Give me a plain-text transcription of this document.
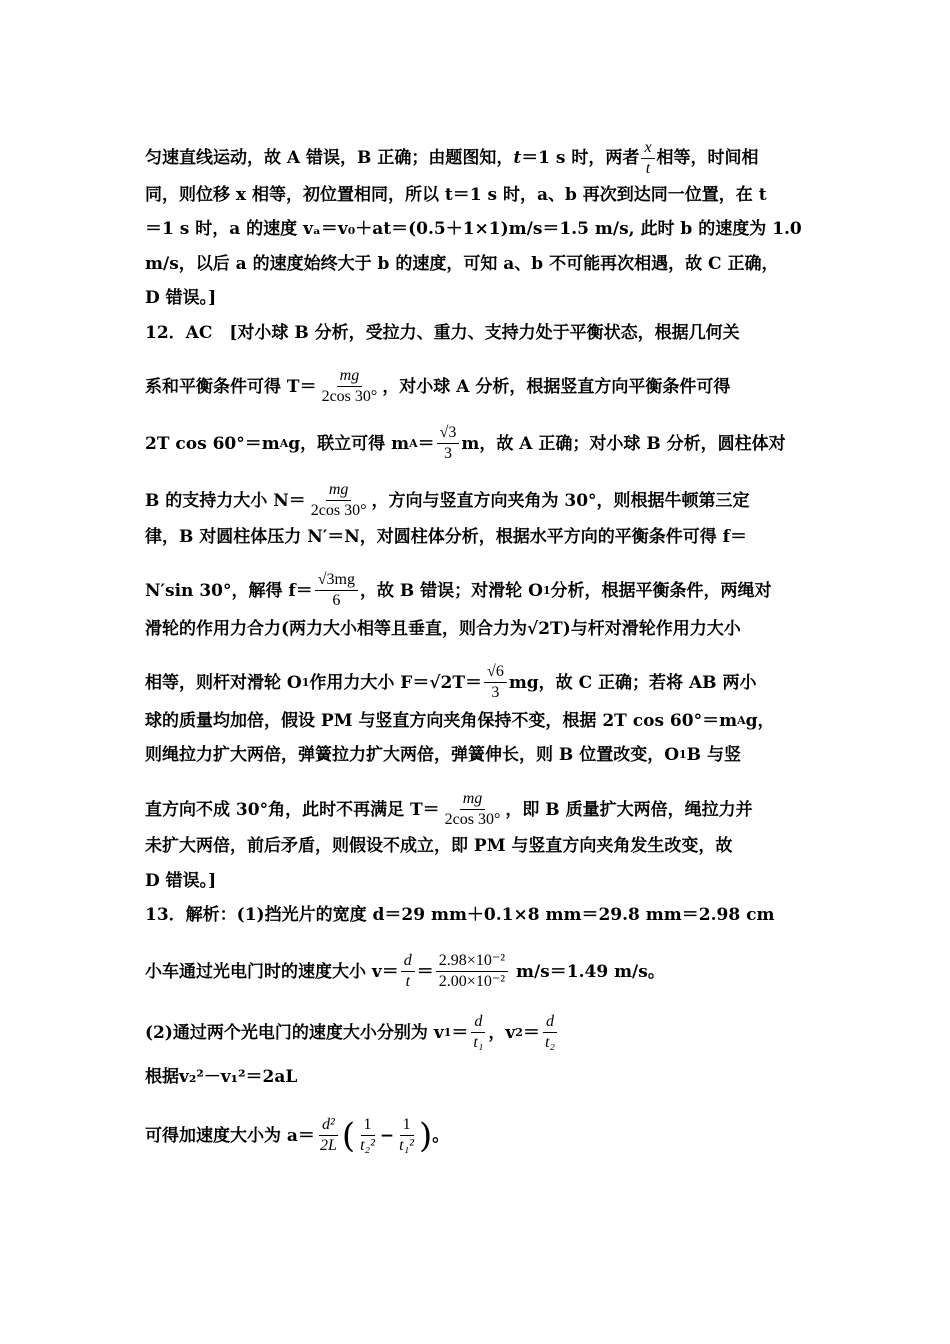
匀速直线运动，故 A 错误，B 正确；由题图知，t＝1 s 时，两者 $\frac{x}{t}$ 相等，时间相
同，则位移 x 相等，初位置相同，所以 t＝1 s 时，a、b 再次到达同一位置，在 t
＝1 s 时，a 的速度 vₐ＝v₀＋at＝(0.5＋1×1)m/s＝1.5 m/s, 此时 b 的速度为 1.0
m/s，以后 a 的速度始终大于 b 的速度，可知 a、b 不可能再次相遇，故 C 正确，
D 错误。]
12．AC　[对小球 B 分析，受拉力、重力、支持力处于平衡状态，根据几何关
系和平衡条件可得 $T= \frac{mg}{2\cos 30^\circ}$ ，对小球 A 分析，根据竖直方向平衡条件可得
2T cos 60°＝m A g，联立可得 m $A = \frac{√3}{3}$ m，故 A 正确；对小球 B 分析，圆柱体对
B 的支持力大小 $N= \frac{mg}{2\cos 30^\circ}$ ，方向与竖直方向夹角为 30°，则根据牛顿第三定
律，B 对圆柱体压力 N′＝N，对圆柱体分析，根据水平方向的平衡条件可得 f＝
N′sin 30°，解得 $f= \frac{√3mg}{6}$ ，故 B 错误；对滑轮 O 1 分析，根据平衡条件，两绳对
滑轮的作用力合力(两力大小相等且垂直，则合力为√2T)与杆对滑轮作用力大小
相等，则杆对滑轮 O 1 作用力大小 $F=√2T= \frac{√6}{3}$ mg，故 C 正确；若将 AB 两小
球的质量均加倍，假设 PM 与竖直方向夹角保持不变，根据 2T cos 60°＝m A g，
则绳拉力扩大两倍，弹簧拉力扩大两倍，弹簧伸长，则 B 位置改变，O 1 B 与竖
直方向不成 30°角，此时不再满足 $T= \frac{mg}{2\cos 30^\circ}$ ，即 B 质量扩大两倍，绳拉力并
未扩大两倍，前后矛盾，则假设不成立，即 PM 与竖直方向夹角发生改变，故
D 错误。]
13．解析：(1)挡光片的宽度 d＝29 mm＋0.1×8 mm＝29.8 mm＝2.98 cm
小车通过光电门时的速度大小 $v= \frac{d}{t} = \frac{\text{2.98×10⁻²}}{\text{2.00×10⁻²}} m/s=1.49$ m/s。
(2)通过两个光电门的速度大小分别为 v $1 = \frac{d}{\text{t₁}}$ ，v $2 = \frac{d}{\text{t₂}}$
根据v₂²－v₁²＝2aL
可得加速度大小为 $a= \frac{\text{d²}}{2L}$ ( $\frac{1}{\text{t₂²}} - \frac{1}{\text{t₁²}}$ ) 。
